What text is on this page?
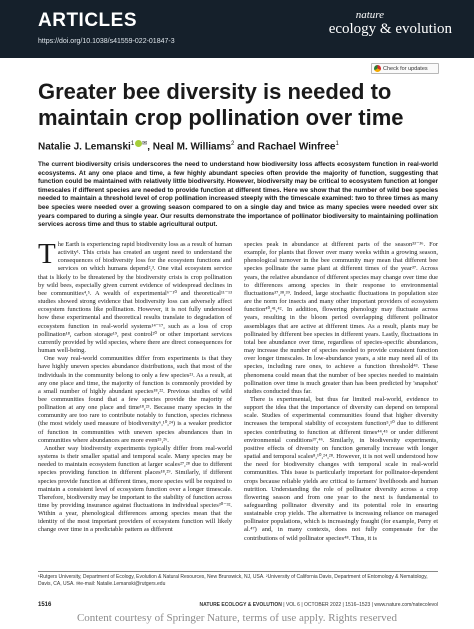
ARTICLES
https://doi.org/10.1038/s41559-022-01847-3
nature
ecology & evolution
Check for updates
Greater bee diversity is needed to maintain crop pollination over time
Natalie J. Lemanski$^1$ ✉, Neal M. Williams$^2$ and Rachael Winfree$^1$

The current biodiversity crisis underscores the need to understand how biodiversity loss affects ecosystem function in real-world ecosystems. At any one place and time, a few highly abundant species often provide the majority of function, suggesting that function could be maintained with relatively little biodiversity. However, biodiversity may be critical to ecosystem function at longer timescales if different species are needed to provide function at different times. Here we show that the number of wild bee species needed to maintain a threshold level of crop pollination increased steeply with the timescale examined: two to three times as many bee species were needed over a growing season compared to on a single day and twice as many species were needed over six years compared to during a single year. Our results demonstrate the importance of pollinator biodiversity to maintaining pollination services across time and thus to stable agricultural output.

The Earth is experiencing rapid biodiversity loss as a result of human activity¹. This crisis has created an urgent need to understand the consequences of biodiversity loss for the ecosystem functions and services on which humans depend²,³. One vital ecosystem service that is likely to be threatened by the biodiversity crisis is crop pollination by wild bees, especially given current evidence of widespread declines in bee communities⁴,⁵. A wealth of experimental⁶⁻¹⁰ and theoretical¹¹⁻¹³ studies showed strong evidence that biodiversity loss can adversely affect ecosystem functions like pollination. However, it is not fully understood how these experimental and theoretical results translate to degradation of ecosystem function in real-world systems¹⁴⁻¹⁷, such as a loss of crop pollination¹⁸, carbon storage¹⁹, pest control²⁰ or other important services currently provided by wild species, where there are direct consequences for human well-being.

One way real-world communities differ from experiments is that they have highly uneven species abundance distributions, such that most of the individuals in the community belong to only a few species²¹. As a result, at any one place and time, the majority of function is commonly provided by a small number of highly abundant species¹⁸,²². Previous studies of wild bee communities found that a few species provide the majority of pollination at any one place and time¹⁸,²³. Because many species in the community are too rare to contribute notably to function, species richness (the most widely used measure of biodiversity⁶,¹⁰,²⁴) is a weaker predictor of function in communities with uneven species abundances than in communities where abundances are more even²⁵,²⁶.

Another way biodiversity experiments typically differ from real-world systems is their smaller spatial and temporal scale. Many species may be needed to maintain ecosystem function at larger scales²⁷,²⁸ due to different species providing function in different places¹⁸,²⁹. Similarly, if different species provide function at different times, more species will be required to maintain a consistent level of ecosystem function over a longer timescale. Therefore, biodiversity may be important to the stability of function across time by providing insurance against fluctuations in individual species³⁰⁻³². Within a year, phenological differences among species mean that the identity of the most important providers of ecosystem function will likely change over time in a predictable pattern as different

species peak in abundance at different parts of the season³³⁻³⁶. For example, for plants that flower over many weeks within a growing season, phenological turnover in the bee community may mean that different bee species pollinate the same plant at different times of the year³⁷. Across years, the relative abundance of different species may change over time due to differences among species in their response to environmental fluctuations³⁷,³⁸,³⁹. Indeed, large stochastic fluctuations in population size are the norm for insects and many other important providers of ecosystem function⁴⁰,⁴¹,⁴². In addition, flowering phenology may fluctuate across years, resulting in the bloom period overlapping different pollinator assemblages that are active at different times. As a result, plants may be pollinated by different bee species in different years. Lastly, fluctuations in total bee abundance over time, regardless of species-specific abundances, may increase the number of species needed to provide consistent function over longer timescales. In low-abundance years, a site may need all of its species, including rare ones, to achieve a function threshold⁴³. These phenomena could mean that the number of bee species needed to maintain pollination over time is much greater than has been predicted by 'snapshot' studies conducted thus far.

There is experimental, but thus far limited real-world, evidence to support the idea that the importance of diversity can depend on temporal scale. Studies of experimental communities found that higher diversity increases the temporal stability of ecosystem function⁵,¹⁰ due to different species contributing to function at different times⁴⁴,⁴⁵ or under different environmental conditions³⁷,⁴⁶. Similarly, in biodiversity experiments, positive effects of diversity on function generally increase with longer spatial and temporal scales⁸,¹⁰,²⁴,²⁸. However, it is not well understood how the need for biodiversity changes with temporal scale in real-world communities. This issue is particularly important for pollinator-dependent crops because reliable yields are critical to farmers' livelihoods and human nutrition. Understanding the role of pollinator diversity across a crop flowering season and from one year to the next is fundamental to safeguarding pollinator diversity and its potential role in ensuring sustainable crop yields. The alternative is increasing reliance on managed pollinator populations, which is increasingly fraught (for example, Perry et al.⁴⁷) and, in many contexts, does not fully compensate for the contributions of wild pollinator species⁴⁸. Thus, it is

¹Rutgers University, Department of Ecology, Evolution & Natural Resources, New Brunswick, NJ, USA. ²University of California Davis, Department of Entomology & Nematology, Davis, CA, USA. ✉e-mail: Natalie.Lemanski@rutgers.edu

1516	NATURE ECOLOGY & EVOLUTION | VOL 6 | OCTOBER 2022 | 1516–1523 | www.nature.com/natecolevol
Content courtesy of Springer Nature, terms of use apply. Rights reserved
